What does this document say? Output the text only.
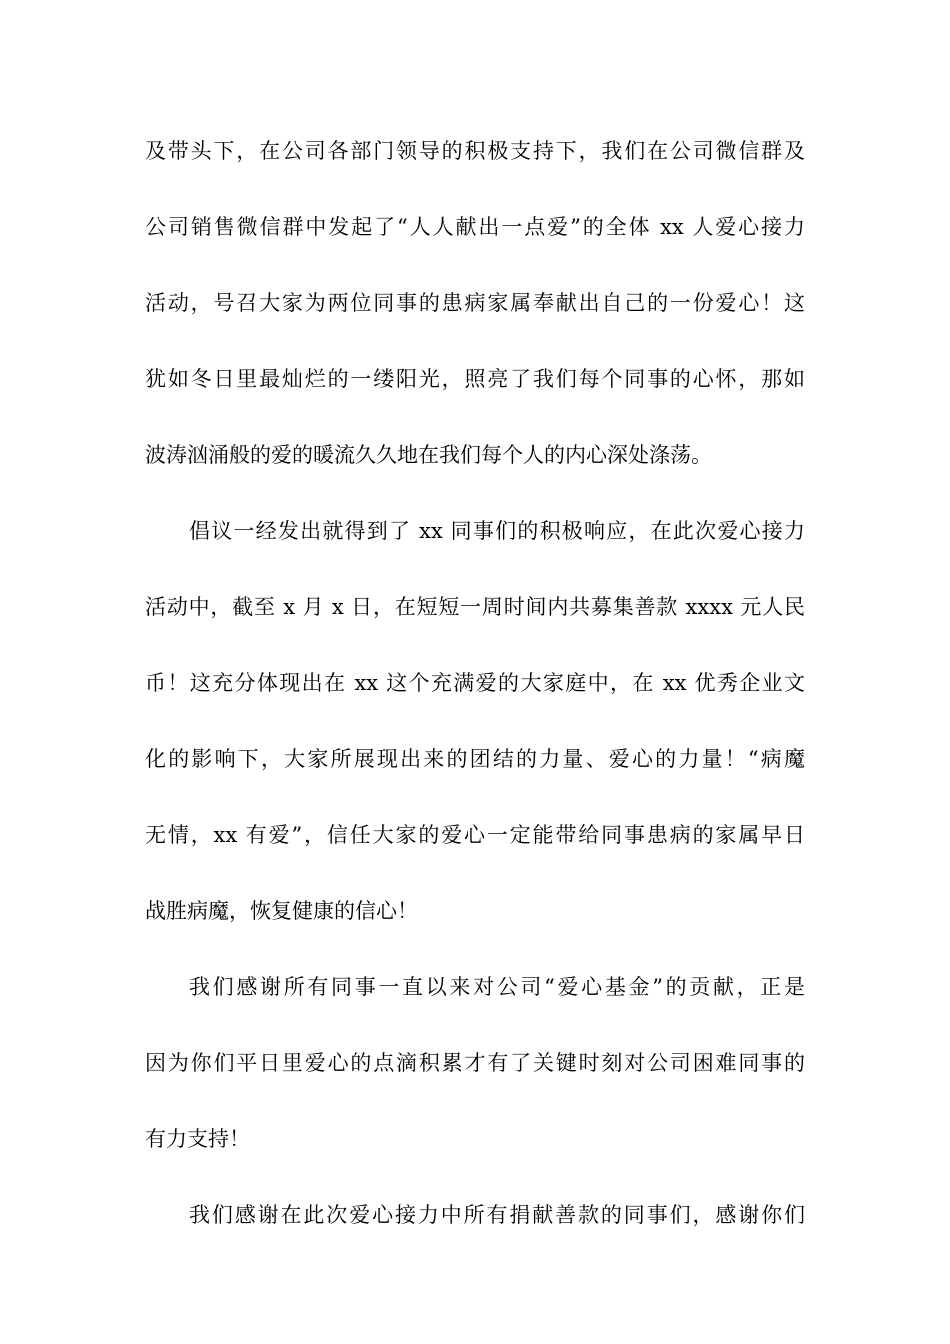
及带头下，在公司各部门领导的积极支持下，我们在公司微信群及
公司销售微信群中发起了“人人献出一点爱”的全体 xx 人爱心接力
活动，号召大家为两位同事的患病家属奉献出自己的一份爱心！这
犹如冬日里最灿烂的一缕阳光，照亮了我们每个同事的心怀，那如
波涛汹涌般的爱的暖流久久地在我们每个人的内心深处涤荡。
倡议一经发出就得到了 xx 同事们的积极响应，在此次爱心接力
活动中，截至 x 月 x 日，在短短一周时间内共募集善款 xxxx 元人民
币！这充分体现出在 xx 这个充满爱的大家庭中，在 xx 优秀企业文
化的影响下，大家所展现出来的团结的力量、爱心的力量！“病魔
无情，xx 有爱”，信任大家的爱心一定能带给同事患病的家属早日
战胜病魔，恢复健康的信心！
我们感谢所有同事一直以来对公司“爱心基金”的贡献，正是
因为你们平日里爱心的点滴积累才有了关键时刻对公司困难同事的
有力支持！
我们感谢在此次爱心接力中所有捐献善款的同事们，感谢你们
